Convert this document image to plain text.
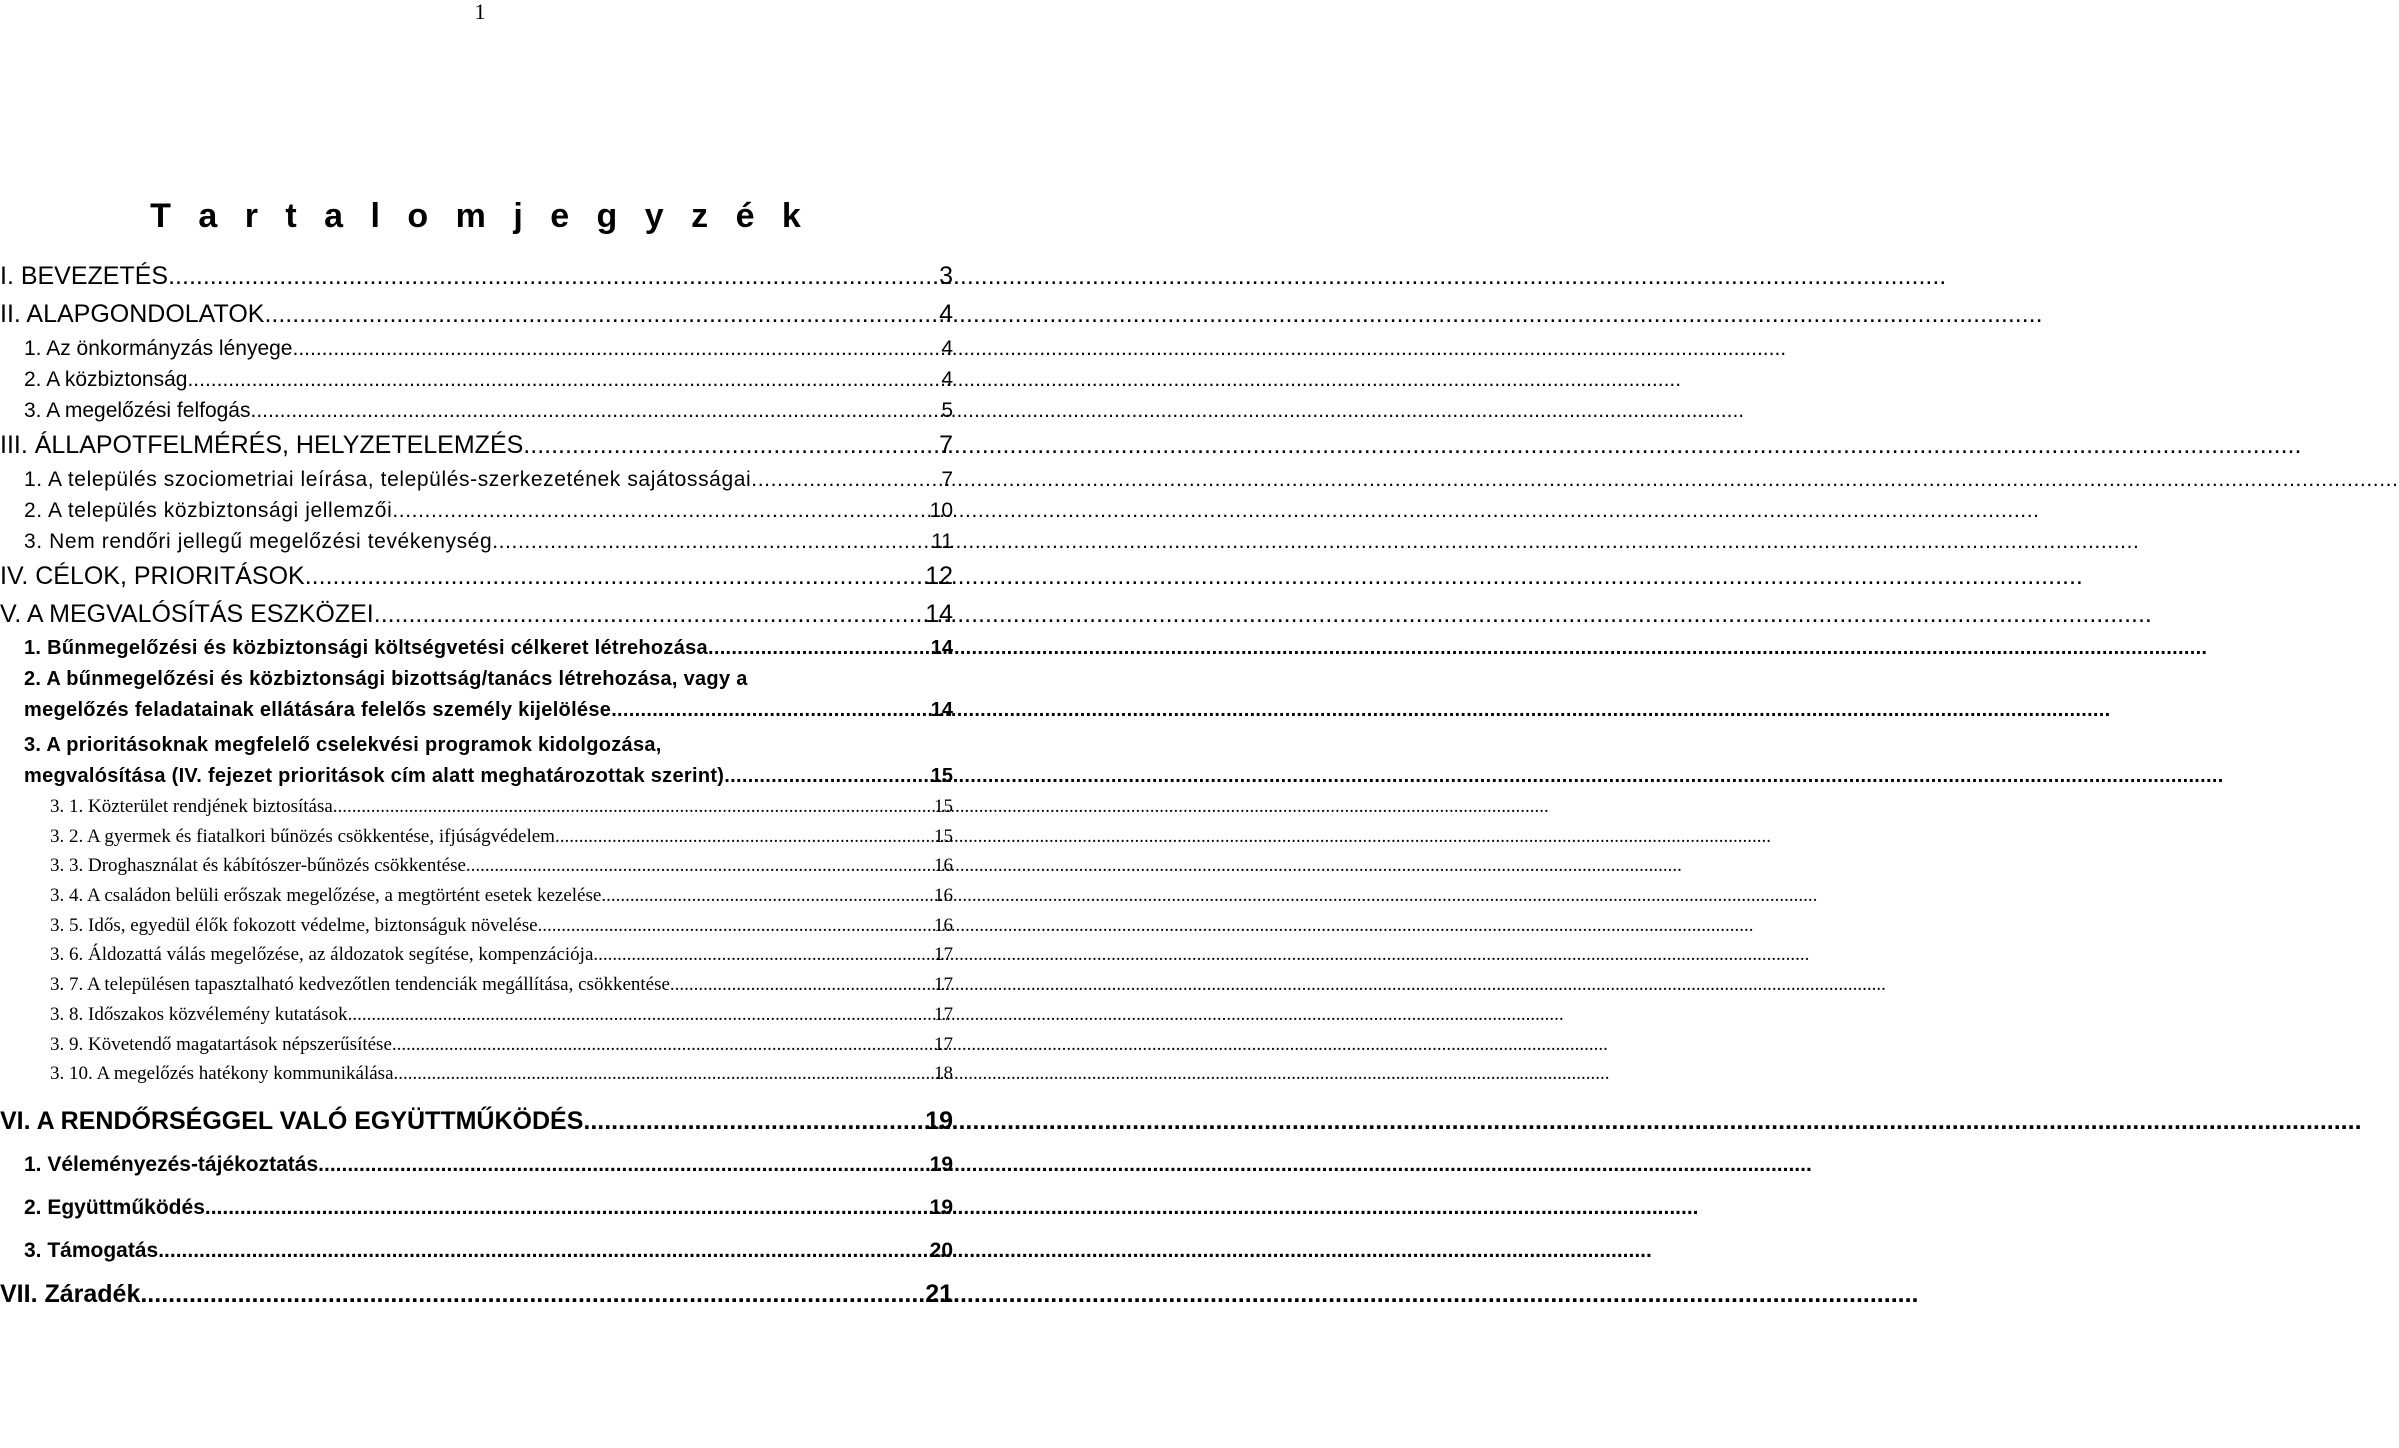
1
T a r t a l o m j e g y z é k
I. BEVEZETÉS .....	3
II. ALAPGONDOLATOK .....	4
1. Az önkormányzás lényege .....	4
2. A közbiztonság .....	4
3. A megelőzési felfogás .....	5
III. ÁLLAPOTFELMÉRÉS, HELYZETELEMZÉS .....	7
1. A település szociometriai leírása, település-szerkezetének sajátosságai .....	7
2. A település közbiztonsági jellemzői .....	10
3. Nem rendőri jellegű megelőzési tevékenység .....	11
IV. CÉLOK, PRIORITÁSOK .....	12
V. A MEGVALÓSÍTÁS ESZKÖZEI .....	14
1. Bűnmegelőzési és közbiztonsági költségvetési célkeret létrehozása .....	14
2. A bűnmegelőzési és közbiztonsági bizottság/tanács létrehozása, vagy a
megelőzés feladatainak ellátására felelős személy kijelölése .....	14
3. A prioritásoknak megfelelő cselekvési programok kidolgozása,
megvalósítása (IV. fejezet prioritások cím alatt meghatározottak szerint) .....	15
3. 1. Közterület rendjének biztosítása .....	15
3. 2. A gyermek és fiatalkori bűnözés csökkentése, ifjúságvédelem .....	15
3. 3. Droghasználat és kábítószer-bűnözés csökkentése .....	16
3. 4. A családon belüli erőszak megelőzése, a megtörtént esetek kezelése .....	16
3. 5. Idős, egyedül élők fokozott védelme, biztonságuk növelése .....	16
3. 6. Áldozattá válás megelőzése, az áldozatok segítése, kompenzációja .....	17
3. 7. A településen tapasztalható kedvezőtlen tendenciák megállítása, csökkentése .....	17
3. 8. Időszakos közvélemény kutatások .....	17
3. 9. Követendő magatartások népszerűsítése .....	17
3. 10. A megelőzés hatékony kommunikálása .....	18
VI. A RENDŐRSÉGGEL VALÓ EGYÜTTMŰKÖDÉS .....	19
1. Véleményezés-tájékoztatás .....	19
2. Együttműködés .....	19
3. Támogatás .....	20
VII. Záradék .....	21
